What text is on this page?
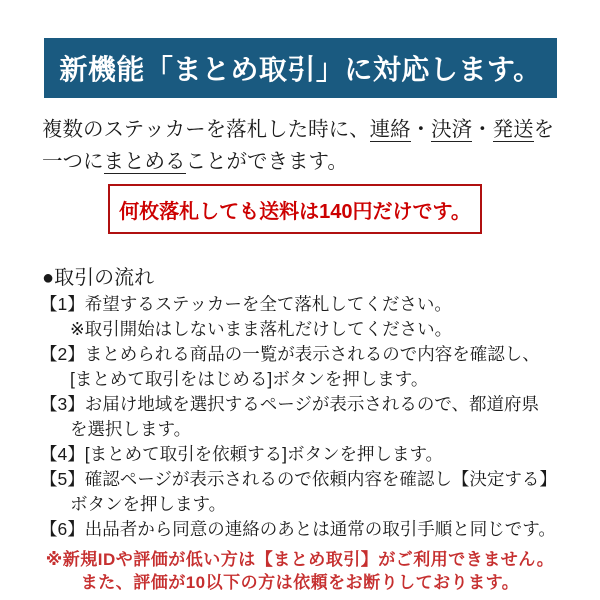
新機能「まとめ取引」に対応します。
複数のステッカーを落札した時に、連絡・決済・発送を
一つにまとめることができます。
何枚落札しても送料は140円だけです。
●取引の流れ
【1】希望するステッカーを全て落札してください。
※取引開始はしないまま落札だけしてください。
【2】まとめられる商品の一覧が表示されるので内容を確認し、
[まとめて取引をはじめる]ボタンを押します。
【3】お届け地域を選択するページが表示されるので、都道府県
を選択します。
【4】[まとめて取引を依頼する]ボタンを押します。
【5】確認ページが表示されるので依頼内容を確認し【決定する】
ボタンを押します。
【6】出品者から同意の連絡のあとは通常の取引手順と同じです。
※新規IDや評価が低い方は【まとめ取引】がご利用できません。
また、評価が10以下の方は依頼をお断りしております。
